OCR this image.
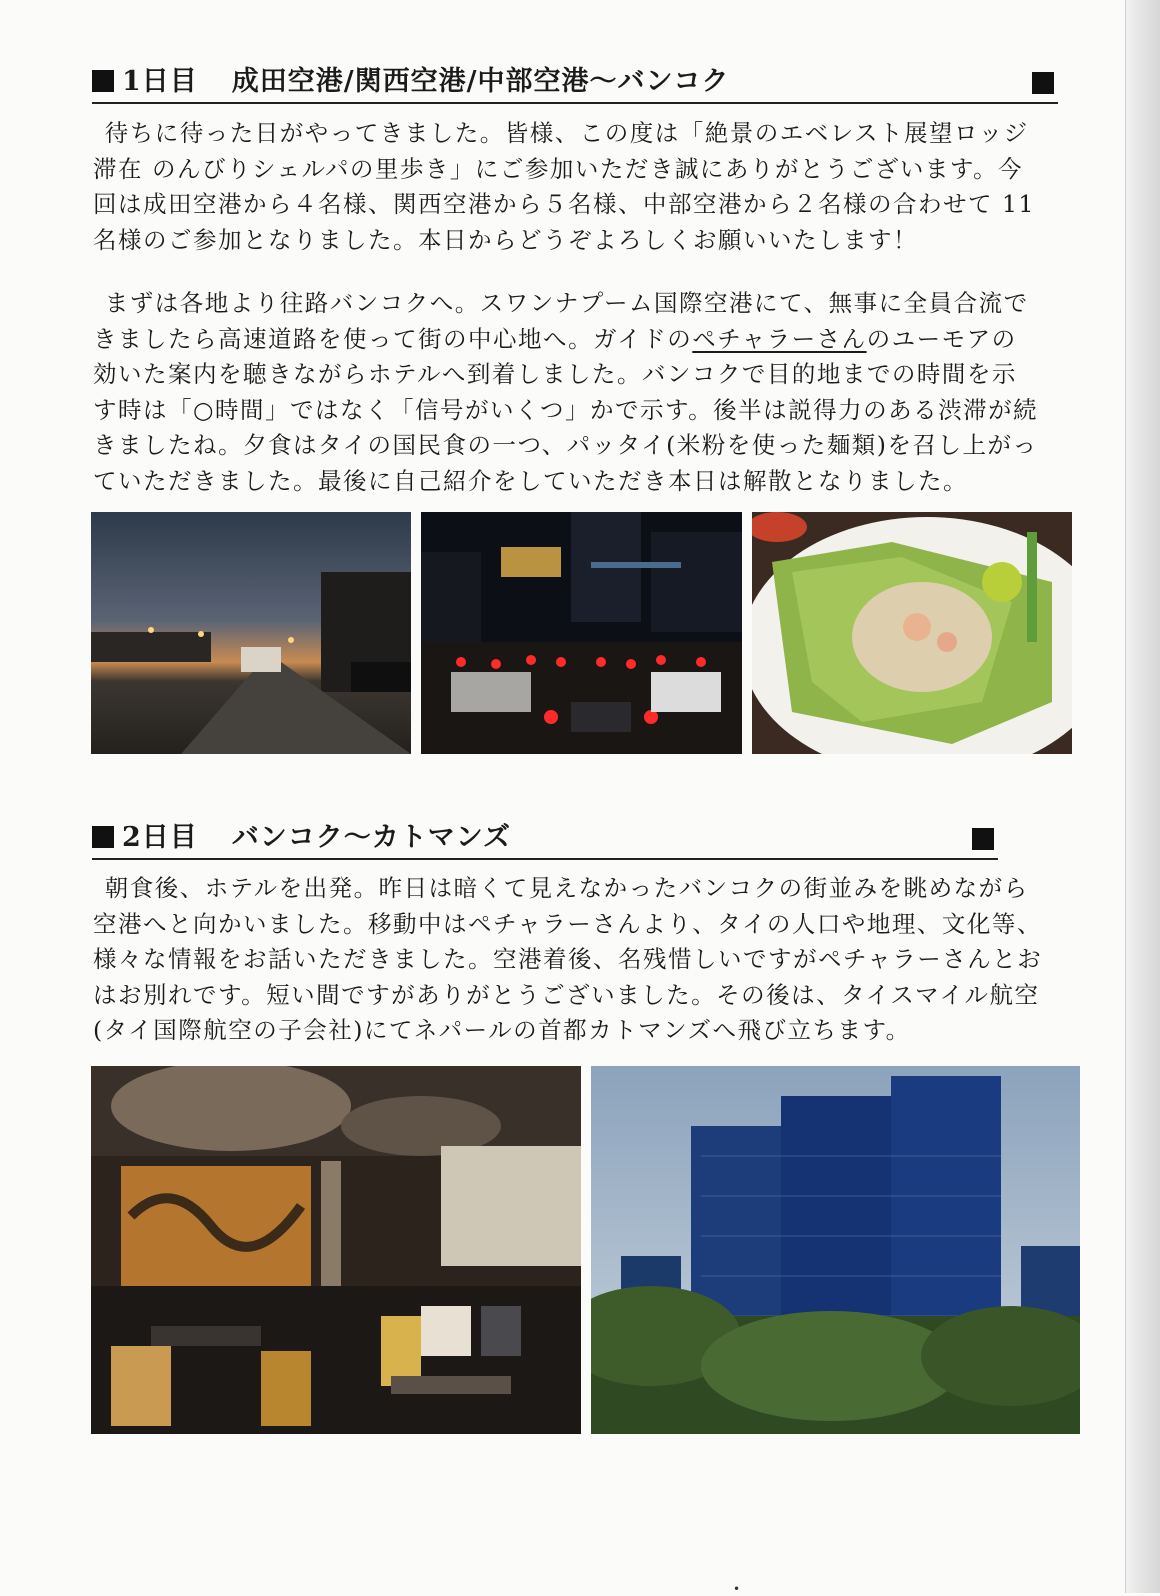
1日目 成田空港/関西空港/中部空港～バンコク

待ちに待った日がやってきました。皆様、この度は「絶景のエベレスト展望ロッジ
滞在 のんびりシェルパの里歩き」にご参加いただき誠にありがとうございます。今
回は成田空港から４名様、関西空港から５名様、中部空港から２名様の合わせて 11
名様のご参加となりました。本日からどうぞよろしくお願いいたします！

まずは各地より往路バンコクへ。スワンナプーム国際空港にて、無事に全員合流で
きましたら高速道路を使って街の中心地へ。ガイドのペチャラーさんのユーモアの
効いた案内を聴きながらホテルへ到着しました。バンコクで目的地までの時間を示
す時は「○時間」ではなく「信号がいくつ」かで示す。後半は説得力のある渋滞が続
きましたね。夕食はタイの国民食の一つ、パッタイ(米粉を使った麺類)を召し上がっ
ていただきました。最後に自己紹介をしていただき本日は解散となりました。

2日目 バンコク～カトマンズ

朝食後、ホテルを出発。昨日は暗くて見えなかったバンコクの街並みを眺めながら
空港へと向かいました。移動中はペチャラーさんより、タイの人口や地理、文化等、
様々な情報をお話いただきました。空港着後、名残惜しいですがペチャラーさんとお
はお別れです。短い間ですがありがとうございました。その後は、タイスマイル航空
(タイ国際航空の子会社)にてネパールの首都カトマンズへ飛び立ちます。

•
